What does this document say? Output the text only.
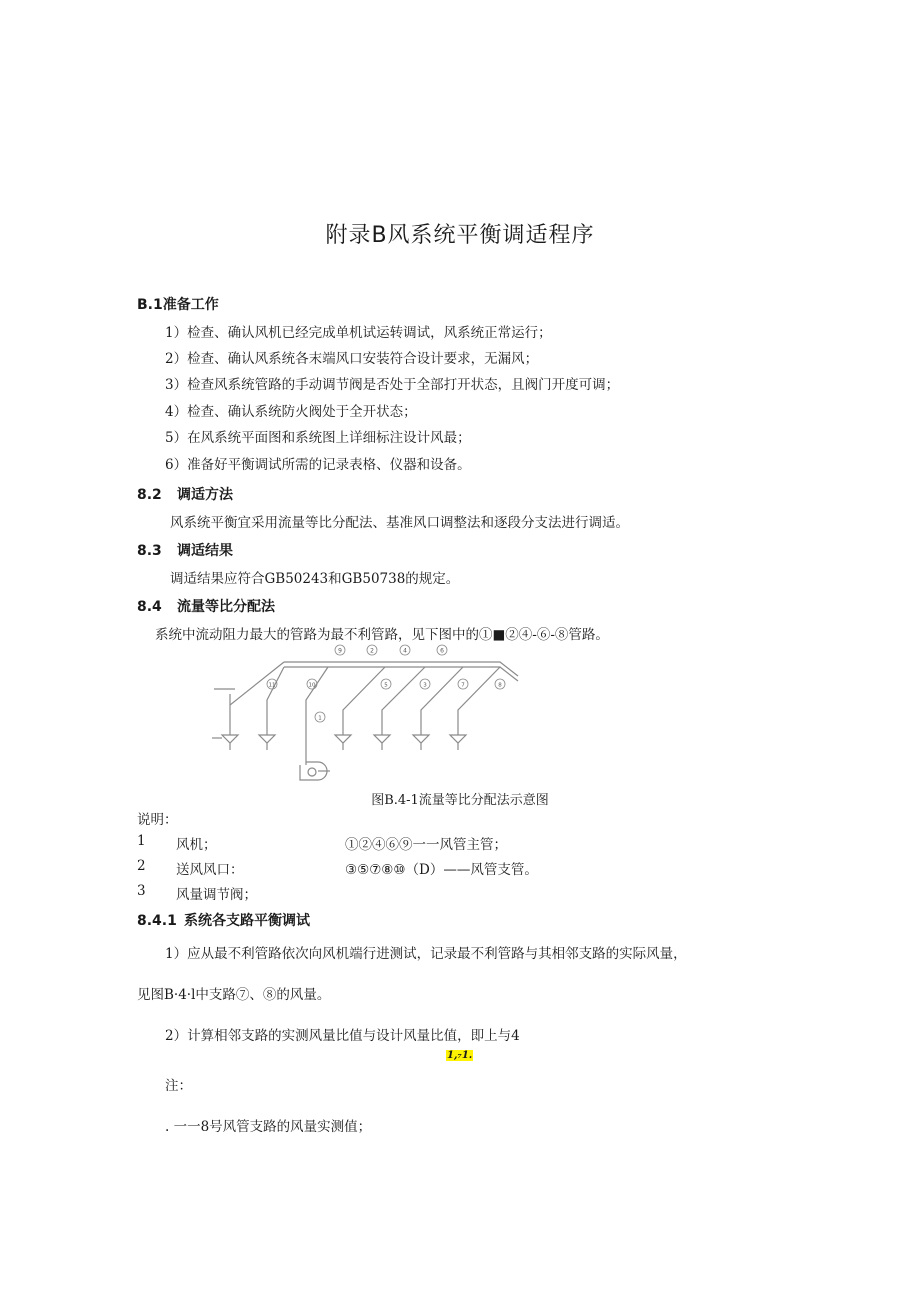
附录B风系统平衡调适程序
B.1准备工作
1）检查、确认风机已经完成单机试运转调试，风系统正常运行；
2）检查、确认风系统各末端风口安装符合设计要求，无漏风；
3）检查风系统管路的手动调节阀是否处于全部打开状态，且阀门开度可调；
4）检查、确认系统防火阀处于全开状态；
5）在风系统平面图和系统图上详细标注设计风最；
6）准备好平衡调试所需的记录表格、仪器和设备。
8.2 调适方法
风系统平衡宜采用流量等比分配法、基准风口调整法和逐段分支法进行调适。
8.3 调适结果
调适结果应符合GB50243和GB50738的规定。
8.4 流量等比分配法
系统中流动阻力最大的管路为最不利管路，见下图中的①■②④-⑥-⑧管路。
9	2	4	6
11	10	5	3	7	8
1
图B.4-1流量等比分配法示意图
说明：
1 风机；	①②④⑥⑨一一风管主管；
2 送风风口：	③⑤⑦⑧⑩（D）——风管支管。
3 风量调节阀；
8.4.1 系统各支路平衡调试
1）应从最不利管路依次向风机端行进测试，记录最不利管路与其相邻支路的实际风量，
见图B·4·l中支路⑦、⑧的风量。
2）计算相邻支路的实测风量比值与设计风量比值，即上与4
1,₇1.
注：
. 一一8号风管支路的风量实测值；
